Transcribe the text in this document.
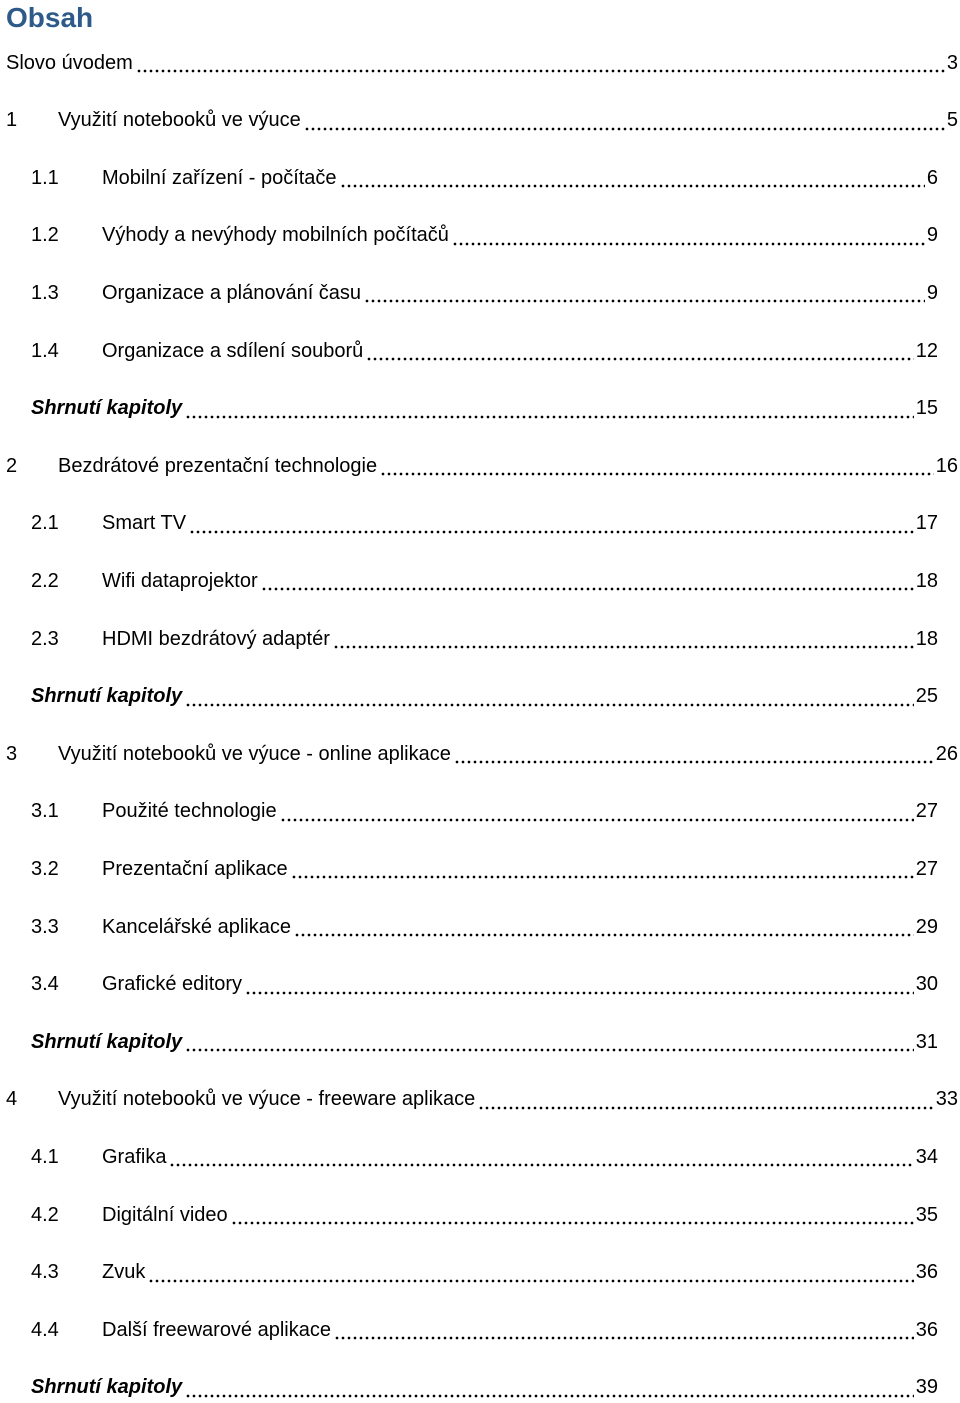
Obsah
Slovo úvodem	3
1	Využití notebooků ve výuce	5
1.1	Mobilní zařízení - počítače	6
1.2	Výhody a nevýhody mobilních počítačů	9
1.3	Organizace a plánování času	9
1.4	Organizace a sdílení souborů	12
Shrnutí kapitoly	15
2	Bezdrátové prezentační technologie	16
2.1	Smart TV	17
2.2	Wifi dataprojektor	18
2.3	HDMI bezdrátový adaptér	18
Shrnutí kapitoly	25
3	Využití notebooků ve výuce - online aplikace	26
3.1	Použité technologie	27
3.2	Prezentační aplikace	27
3.3	Kancelářské aplikace	29
3.4	Grafické editory	30
Shrnutí kapitoly	31
4	Využití notebooků ve výuce - freeware aplikace	33
4.1	Grafika	34
4.2	Digitální video	35
4.3	Zvuk	36
4.4	Další freewarové aplikace	36
Shrnutí kapitoly	39
